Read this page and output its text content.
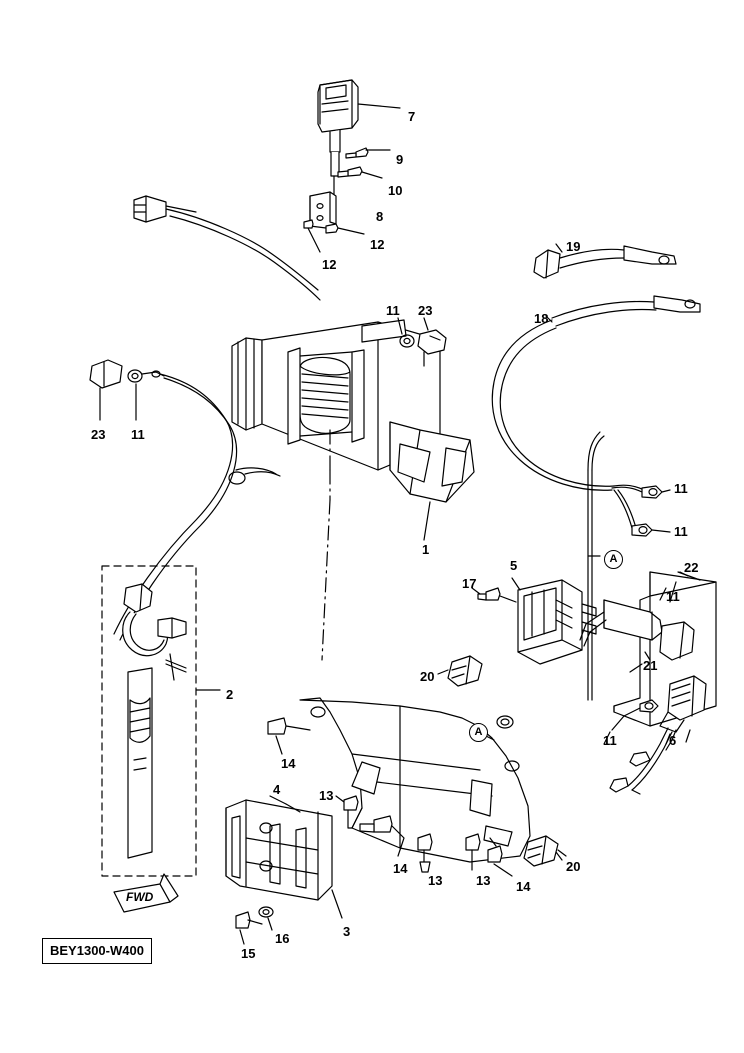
7
9
10
8
12
12
19
18
11 23
23 11
1
11
11
22
5
17
11
21
2
20
11	6
14
13
4
14	20
13	13 14
3
16
15
A
A
FWD
BEY1300-W400
